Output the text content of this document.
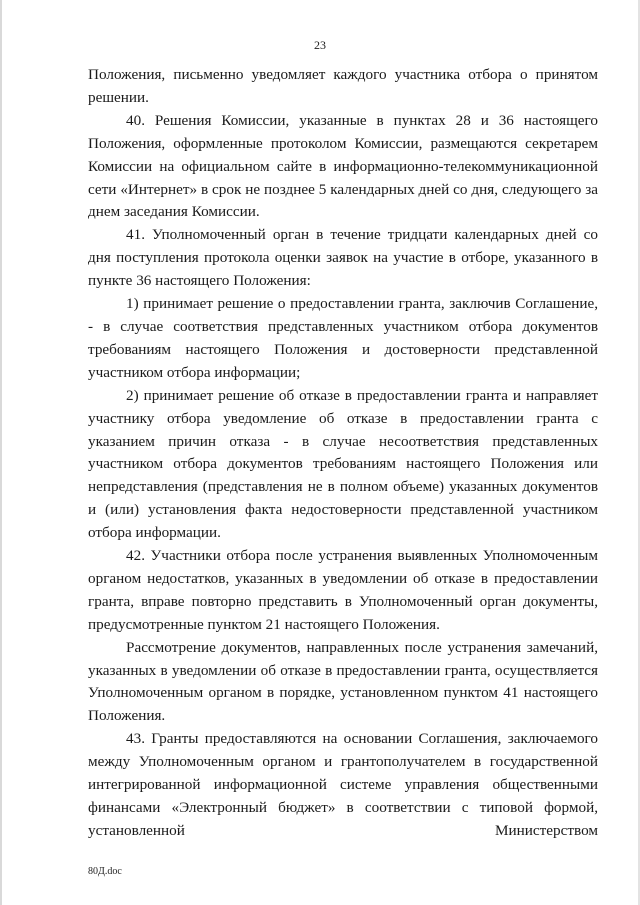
23

Положения, письменно уведомляет каждого участника отбора о принятом решении.

40. Решения Комиссии, указанные в пунктах 28 и 36 настоящего Положения, оформленные протоколом Комиссии, размещаются секретарем Комиссии на официальном сайте в информационно-телекоммуникационной сети «Интернет» в срок не позднее 5 календарных дней со дня, следующего за днем заседания Комиссии.

41. Уполномоченный орган в течение тридцати календарных дней со дня поступления протокола оценки заявок на участие в отборе, указанного в пункте 36 настоящего Положения:

1) принимает решение о предоставлении гранта, заключив Соглашение, - в случае соответствия представленных участником отбора документов требованиям настоящего Положения и достоверности представленной участником отбора информации;

2) принимает решение об отказе в предоставлении гранта и направляет участнику отбора уведомление об отказе в предоставлении гранта с указанием причин отказа - в случае несоответствия представленных участником отбора документов требованиям настоящего Положения или непредставления (представления не в полном объеме) указанных документов и (или) установления факта недостоверности представленной участником отбора информации.

42. Участники отбора после устранения выявленных Уполномоченным органом недостатков, указанных в уведомлении об отказе в предоставлении гранта, вправе повторно представить в Уполномоченный орган документы, предусмотренные пунктом 21 настоящего Положения.

Рассмотрение документов, направленных после устранения замечаний, указанных в уведомлении об отказе в предоставлении гранта, осуществляется Уполномоченным органом в порядке, установленном пунктом 41 настоящего Положения.

43. Гранты предоставляются на основании Соглашения, заключаемого между Уполномоченным органом и грантополучателем в государственной интегрированной информационной системе управления общественными финансами «Электронный бюджет» в соответствии с типовой формой, установленной Министерством

80Д.doc
